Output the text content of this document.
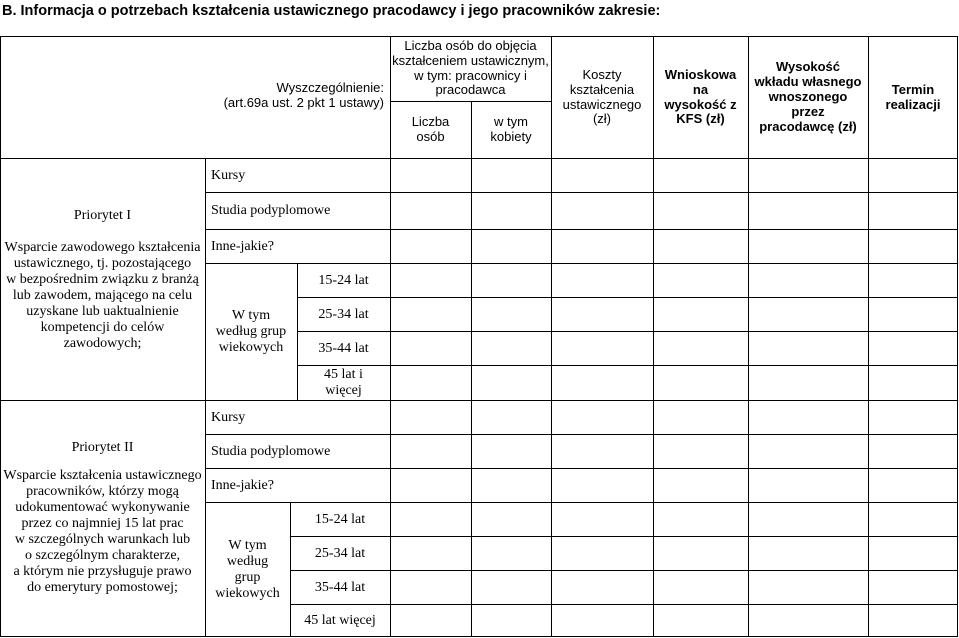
B. Informacja o potrzebach kształcenia ustawicznego pracodawcy i jego pracowników zakresie:
Wyszczególnienie:
(art.69a ust. 2 pkt 1 ustawy)
Liczba osób do objęcia
kształceniem ustawicznym,
w tym: pracownicy i
pracodawca
Liczba
osób
w tym
kobiety
Koszty
kształcenia
ustawicznego
(zł)
Wnioskowa
na
wysokość z
KFS (zł)
Wysokość
wkładu własnego
wnoszonego
przez
pracodawcę (zł)
Termin
realizacji
Priorytet I
Wsparcie zawodowego kształcenia
ustawicznego, tj. pozostającego
w bezpośrednim związku z branżą
lub zawodem, mającego na celu
uzyskane lub uaktualnienie
kompetencji do celów
zawodowych;
Kursy
Studia podyplomowe
Inne-jakie?
W tym
według grup
wiekowych
15-24 lat
25-34 lat
35-44 lat
45 lat i
więcej
Priorytet II
Wsparcie kształcenia ustawicznego
pracowników, którzy mogą
udokumentować wykonywanie
przez co najmniej 15 lat prac
w szczególnych warunkach lub
o szczególnym charakterze,
a którym nie przysługuje prawo
do emerytury pomostowej;
Kursy
Studia podyplomowe
Inne-jakie?
W tym
według
grup
wiekowych
15-24 lat
25-34 lat
35-44 lat
45 lat więcej
